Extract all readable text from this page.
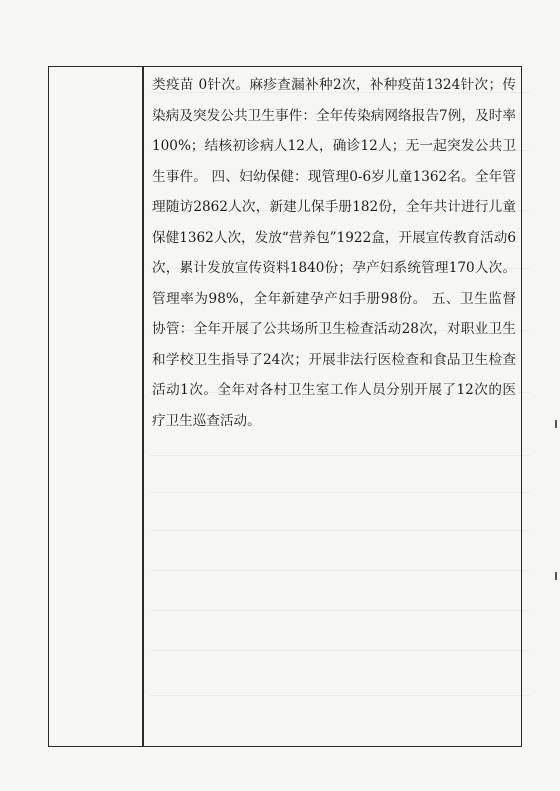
类疫苗 0针次。麻疹查漏补种2次，补种疫苗1324针次；传染病及突发公共卫生事件：全年传染病网络报告7例，及时率100%；结核初诊病人12人，确诊12人；无一起突发公共卫生事件。 四、妇幼保健：现管理0-6岁儿童1362名。全年管理随访2862人次，新建儿保手册182份，全年共计进行儿童保健1362人次，发放“营养包”1922盒，开展宣传教育活动6次，累计发放宣传资料1840份；孕产妇系统管理170人次。管理率为98%，全年新建孕产妇手册98份。 五、卫生监督协管：全年开展了公共场所卫生检查活动28次，对职业卫生和学校卫生指导了24次；开展非法行医检查和食品卫生检查活动1次。全年对各村卫生室工作人员分别开展了12次的医疗卫生巡查活动。
